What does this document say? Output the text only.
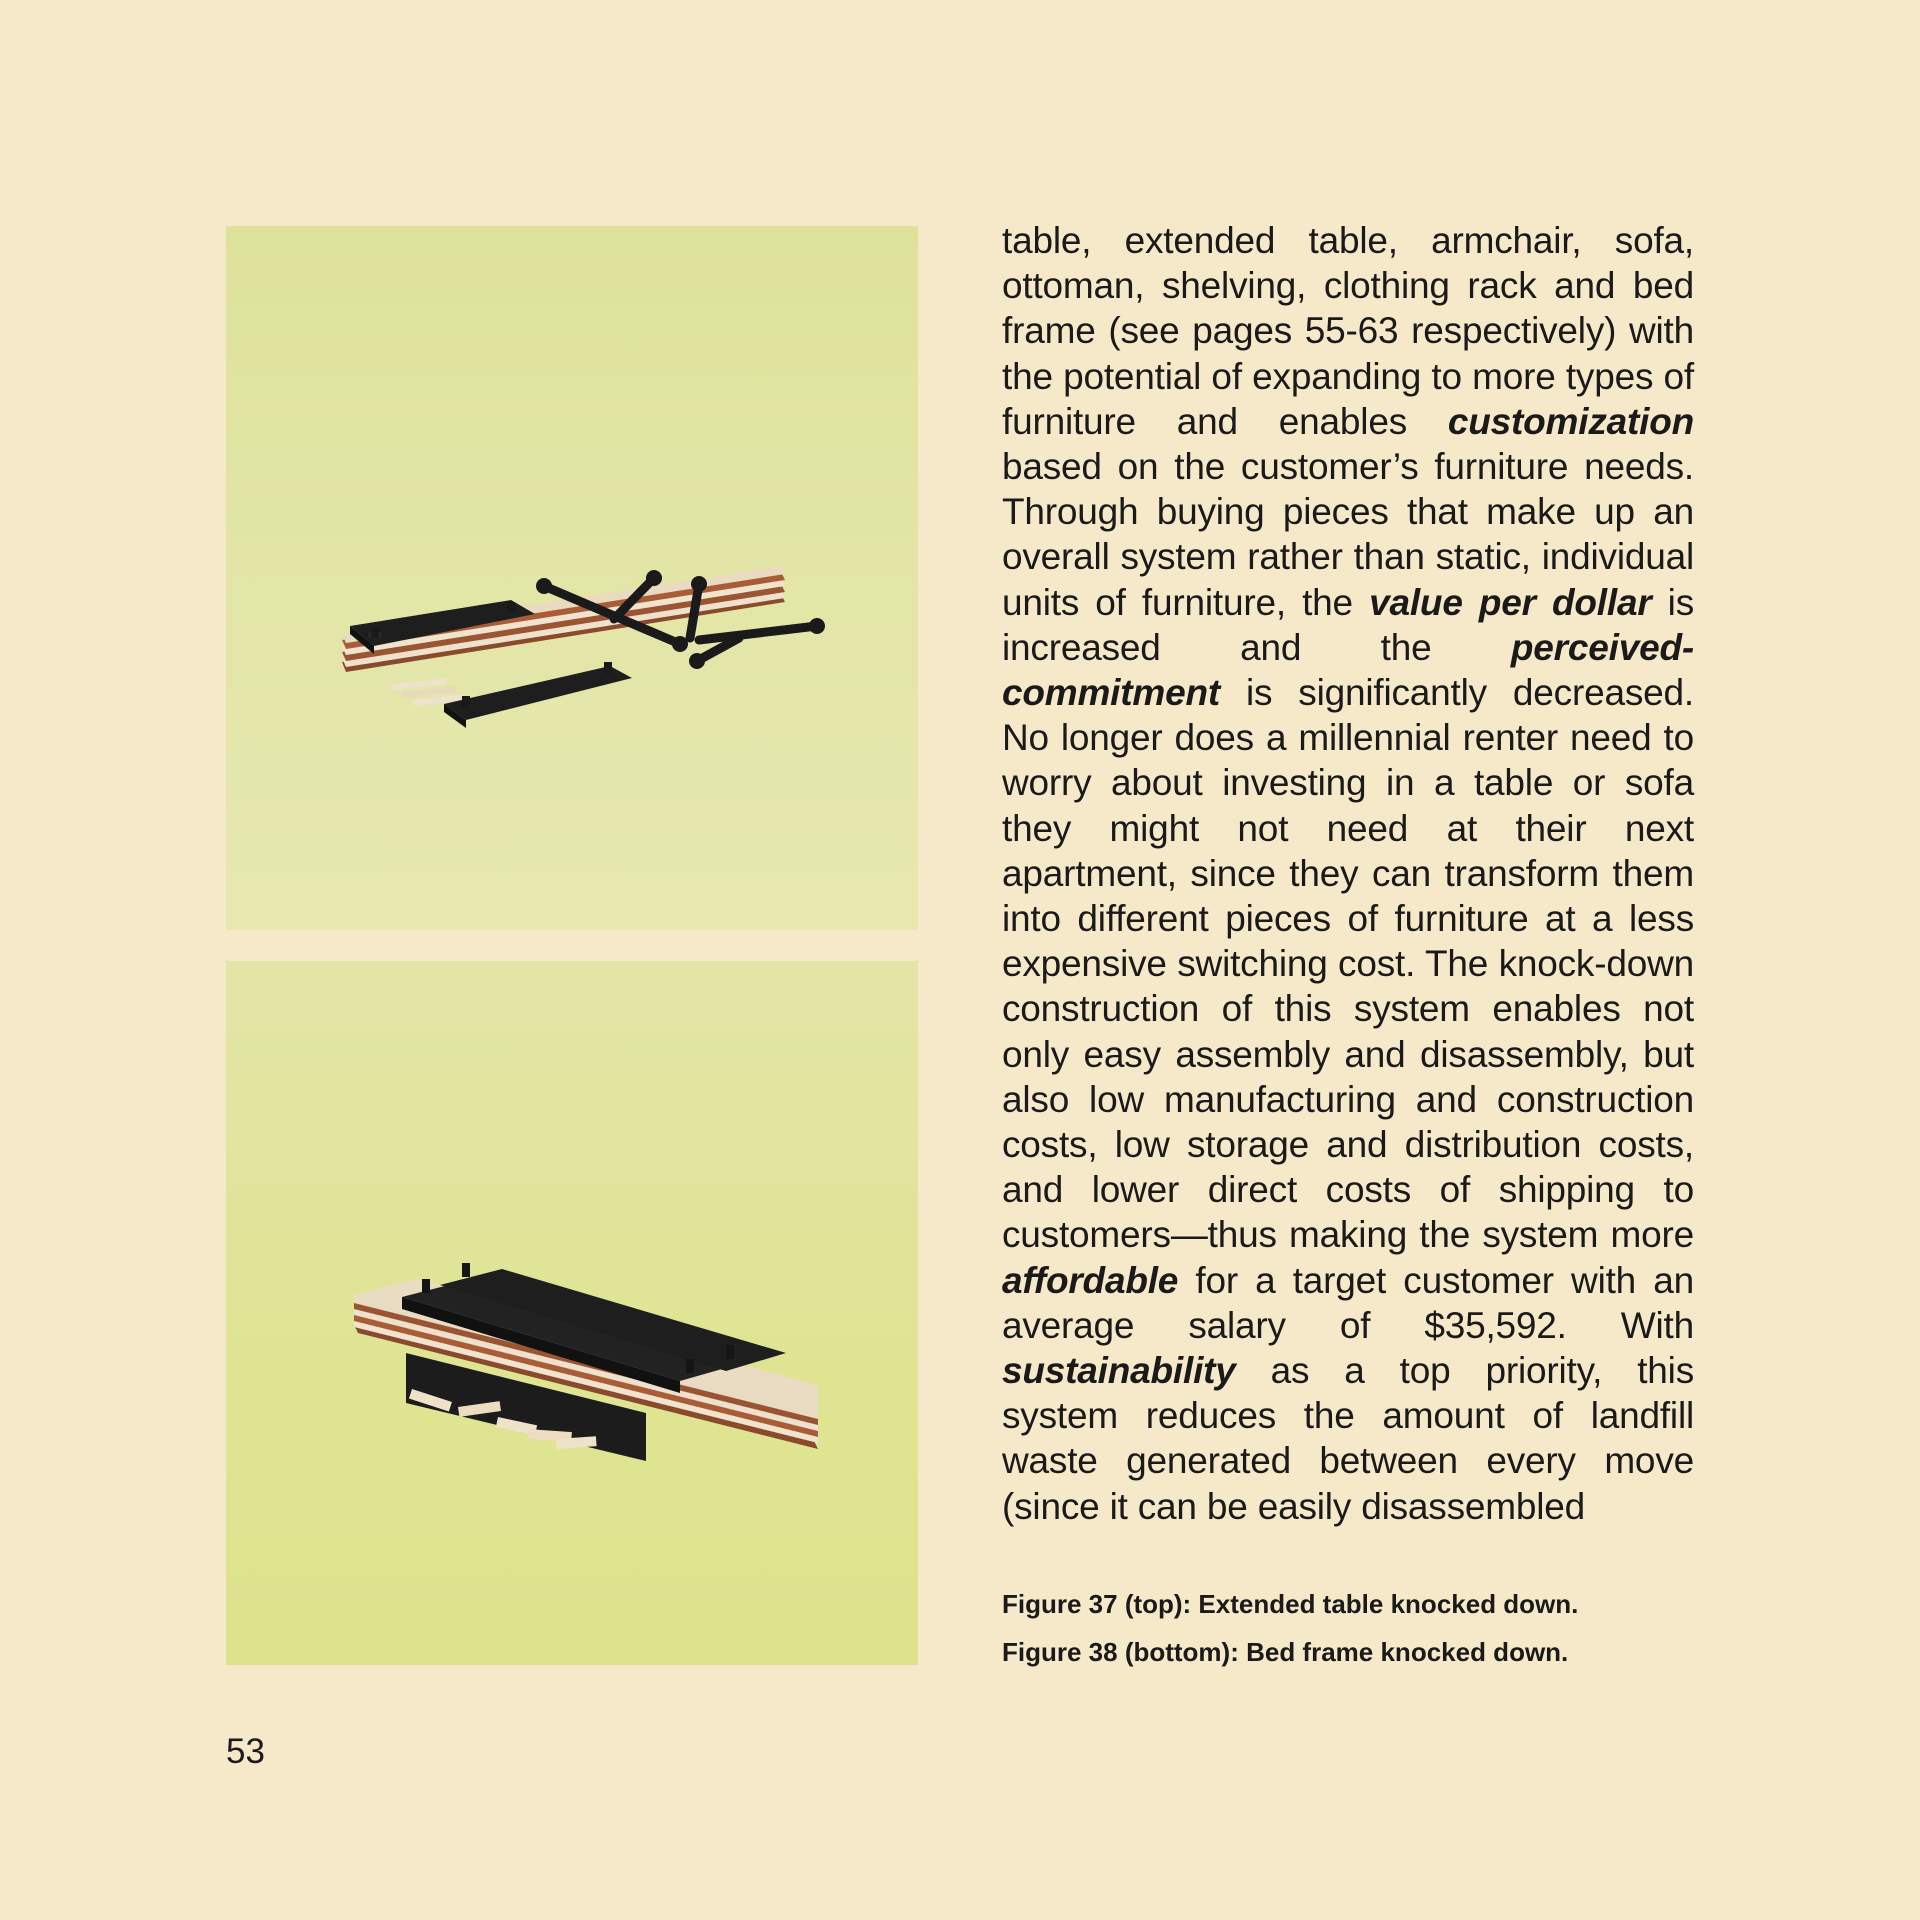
table, extended table, armchair, sofa, ottoman, shelving, clothing rack and bed frame (see pages 55-63 respectively) with the potential of expanding to more types of furniture and enables customization based on the customer’s furniture needs. Through buying pieces that make up an overall system rather than static, individual units of furniture, the value per dollar is increased and the perceived-commitment is significantly decreased. No longer does a millennial renter need to worry about investing in a table or sofa they might not need at their next apartment, since they can transform them into different pieces of furniture at a less expensive switching cost. The knock-down construction of this system enables not only easy assembly and disassembly, but also low manufacturing and construction costs, low storage and distribution costs, and lower direct costs of shipping to customers—thus making the system more affordable for a target customer with an average salary of $35,592. With sustainability as a top priority, this system reduces the amount of landfill waste generated between every move (since it can be easily disassembled

Figure 37 (top): Extended table knocked down.
Figure 38 (bottom): Bed frame knocked down.
53
